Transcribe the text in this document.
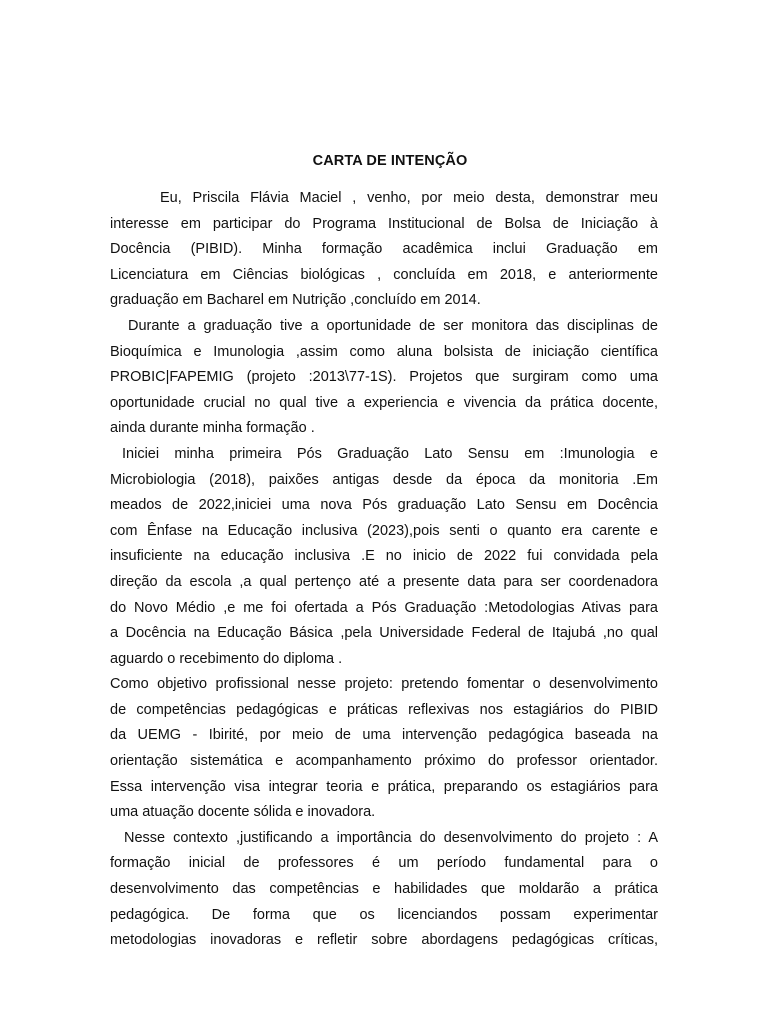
CARTA DE INTENÇÃO
Eu, Priscila Flávia Maciel , venho, por meio desta, demonstrar meu
interesse em participar do Programa Institucional de Bolsa de Iniciação à
Docência (PIBID). Minha formação acadêmica inclui Graduação em
Licenciatura em Ciências biológicas , concluída em 2018, e anteriormente
graduação em Bacharel em Nutrição ,concluído em 2014.
Durante a graduação tive a oportunidade de ser monitora das disciplinas de
Bioquímica e Imunologia ,assim como aluna bolsista de iniciação científica
PROBIC|FAPEMIG (projeto :2013\77-1S). Projetos que surgiram como uma
oportunidade crucial no qual tive a experiencia e vivencia da prática docente,
ainda durante minha formação .
Iniciei minha primeira Pós Graduação Lato Sensu em :Imunologia e
Microbiologia (2018), paixões antigas desde da época da monitoria .Em
meados de 2022,iniciei uma nova Pós graduação Lato Sensu em Docência
com Ênfase na Educação inclusiva (2023),pois senti o quanto era carente e
insuficiente na educação inclusiva .E no inicio de 2022 fui convidada pela
direção da escola ,a qual pertenço até a presente data para ser coordenadora
do Novo Médio ,e me foi ofertada a Pós Graduação :Metodologias Ativas para
a Docência na Educação Básica ,pela Universidade Federal de Itajubá ,no qual
aguardo o recebimento do diploma .
Como objetivo profissional nesse projeto: pretendo fomentar o desenvolvimento
de competências pedagógicas e práticas reflexivas nos estagiários do PIBID
da UEMG - Ibirité, por meio de uma intervenção pedagógica baseada na
orientação sistemática e acompanhamento próximo do professor orientador.
Essa intervenção visa integrar teoria e prática, preparando os estagiários para
uma atuação docente sólida e inovadora.
Nesse contexto ,justificando a importância do desenvolvimento do projeto : A
formação inicial de professores é um período fundamental para o
desenvolvimento das competências e habilidades que moldarão a prática
pedagógica. De forma que os licenciandos possam experimentar
metodologias inovadoras e refletir sobre abordagens pedagógicas críticas,
